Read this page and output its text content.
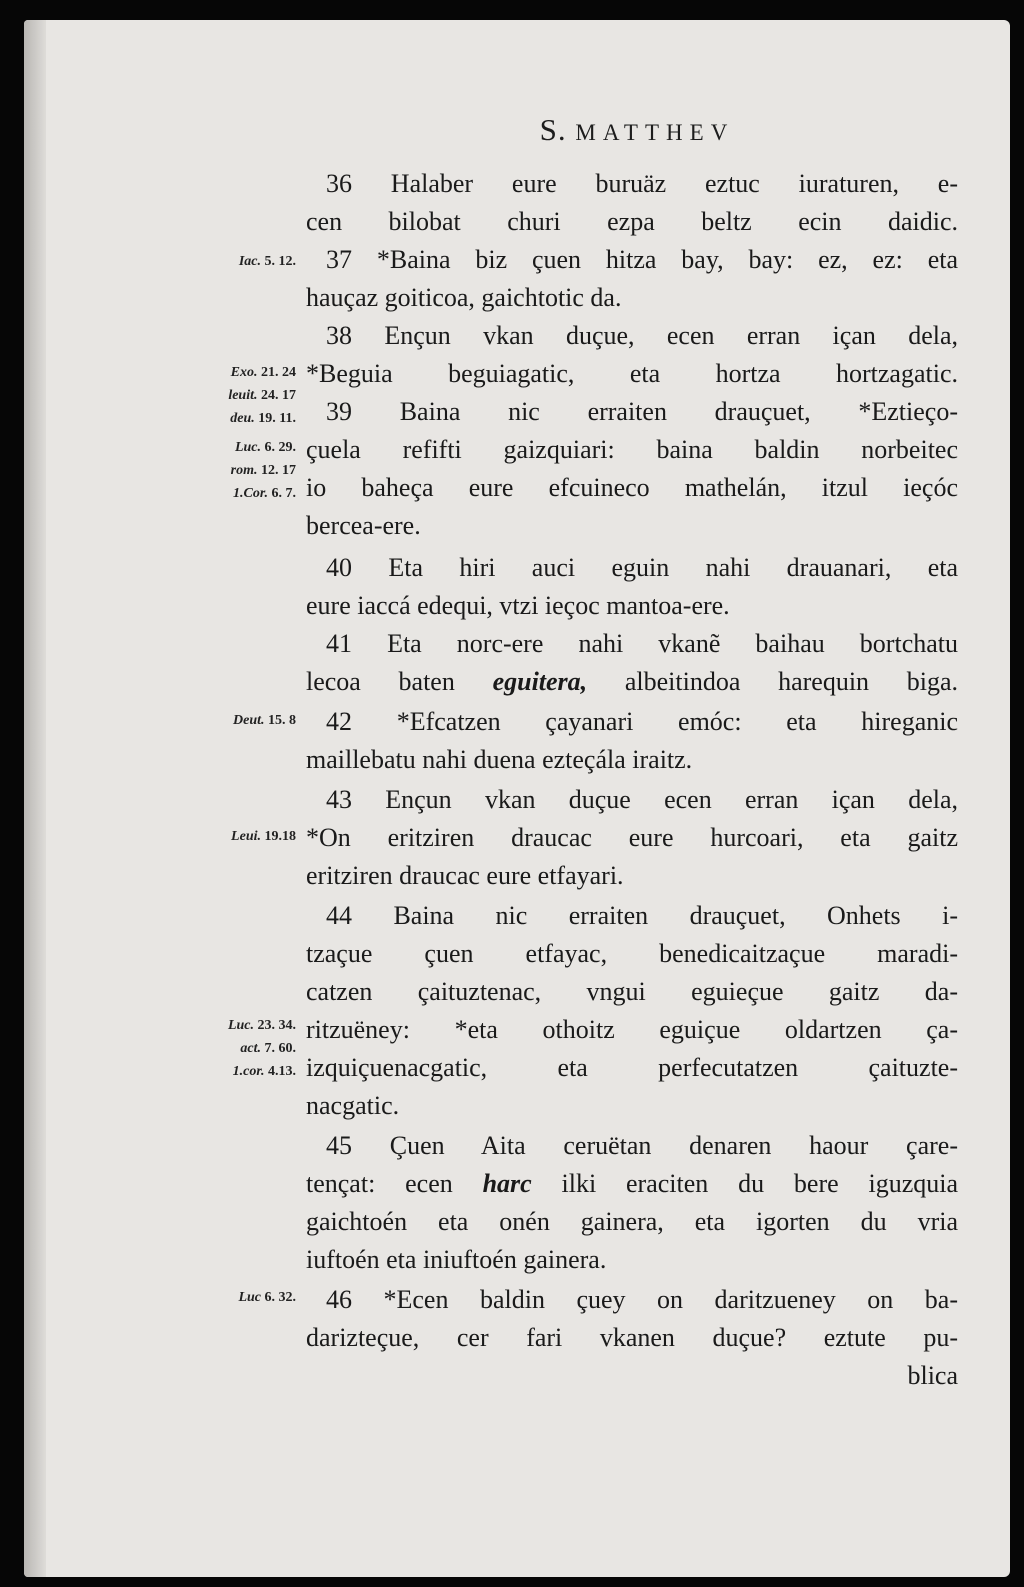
S. MATTHEV
36 Halaber eure buruäz eztuc iuraturen, e-
cen bilobat churi ezpa beltz ecin daidic.
37 *Baina biz çuen hitza bay, bay: ez, ez: eta
hauçaz goiticoa, gaichtotic da.
38 Ençun vkan duçue, ecen erran içan dela,
*Beguia beguiagatic, eta hortza hortzagatic.
39 Baina nic erraiten drauçuet, *Eztieço-
çuela refifti gaizquiari: baina baldin norbeitec
io baheça eure efcuineco mathelán, itzul ieçóc
bercea-ere.
40 Eta hiri auci eguin nahi drauanari, eta
eure iaccá edequi, vtzi ieçoc mantoa-ere.
41 Eta norc-ere nahi vkanẽ baihau bortchatu
lecoa baten eguitera, albeitindoa harequin biga.
42 *Efcatzen çayanari emóc: eta hireganic
maillebatu nahi duena ezteçála iraitz.
43 Ençun vkan duçue ecen erran içan dela,
*On eritziren draucac eure hurcoari, eta gaitz
eritziren draucac eure etfayari.
44 Baina nic erraiten drauçuet, Onhets i-
tzaçue çuen etfayac, benedicaitzaçue maradi-
catzen çaituztenac, vngui eguieçue gaitz da-
ritzuëney: *eta othoitz eguiçue oldartzen ça-
izquiçuenacgatic, eta perfecutatzen çaituzte-
nacgatic.
45 Çuen Aita ceruëtan denaren haour çare-
tençat: ecen harc ilki eraciten du bere iguzquia
gaichtoén eta onén gainera, eta igorten du vria
iuftoén eta iniuftoén gainera.
46 *Ecen baldin çuey on daritzueney on ba-
darizteçue, cer fari vkanen duçue? eztute pu-
blica
Iac. 5. 12.
Exo. 21. 24
leuit. 24. 17
deu. 19. 11.
Luc. 6. 29.
rom. 12. 17
1.Cor. 6. 7.
Deut. 15. 8
Leui. 19.18
Luc. 23. 34.
act. 7. 60.
1.cor. 4.13.
Luc 6. 32.
